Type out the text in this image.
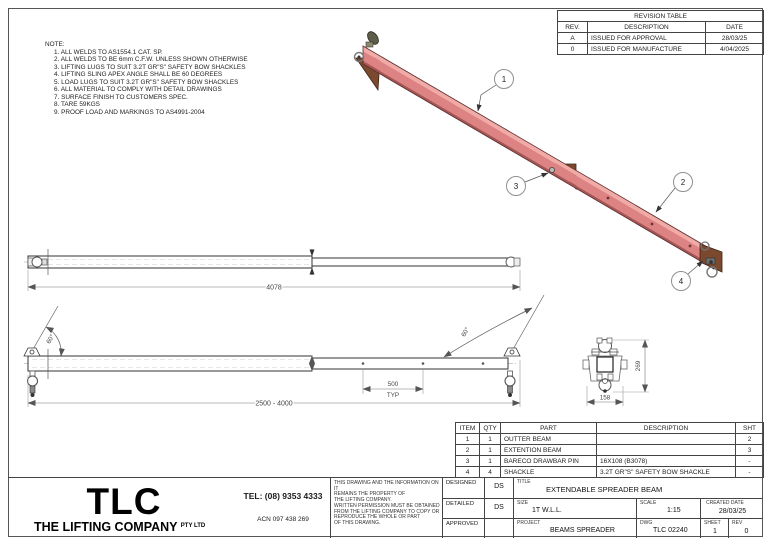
1
2
3
4
4078
60°
60°
500
TYP
2500 - 4000
269
158
NOTE:
1. ALL WELDS TO AS1554.1 CAT. SP.
2. ALL WELDS TO BE 6mm C.F.W. UNLESS SHOWN OTHERWISE
3. LIFTING LUGS TO SUIT 3.2T GR"S" SAFETY BOW SHACKLES
4. LIFTING SLING APEX ANGLE SHALL BE 60 DEGREES
5. LOAD LUGS TO SUIT 3.2T GR"S" SAFETY BOW SHACKLES
6. ALL MATERIAL TO COMPLY WITH DETAIL DRAWINGS
7. SURFACE FINISH TO CUSTOMERS SPEC.
8. TARE 59KGS
9. PROOF LOAD AND MARKINGS TO AS4991-2004
REVISION TABLE		
REV.	DESCRIPTION	DATE
A	ISSUED FOR APPROVAL	28/03/25
0	ISSUED FOR MANUFACTURE	4/04/2025
ITEM	QTY	PART	DESCRIPTION	SHT
1	1	OUTTER BEAM		2
2	1	EXTENTION BEAM		3
3	1	BARECO DRAWBAR PIN	16X108 (B3078)	-
4	4	SHACKLE	3.2T GR"S" SAFETY BOW SHACKLE	-
TLC
THE LIFTING COMPANY $^{PTY LTD}$
TEL: (08) 9353 4333
ACN 097 438 269
THIS DRAWING AND THE INFORMATION ON IT
REMAINS THE PROPERTY OF
THE LIFTING COMPANY.
WRITTEN PERMISSION MUST BE OBTAINED
FROM THE LIFTING COMPANY TO COPY OR
REPRODUCE THE WHOLE OR PART
OF THIS DRAWING.
DESIGNED	DS
DETAILED	DS
APPROVED
TITLE
EXTENDABLE SPREADER BEAM
SIZE
1T W.L.L.
SCALE
1:15
CREATED DATE
28/03/25
PROJECT
BEAMS SPREADER
DWG
TLC 02240
SHEET
1
REV
0
